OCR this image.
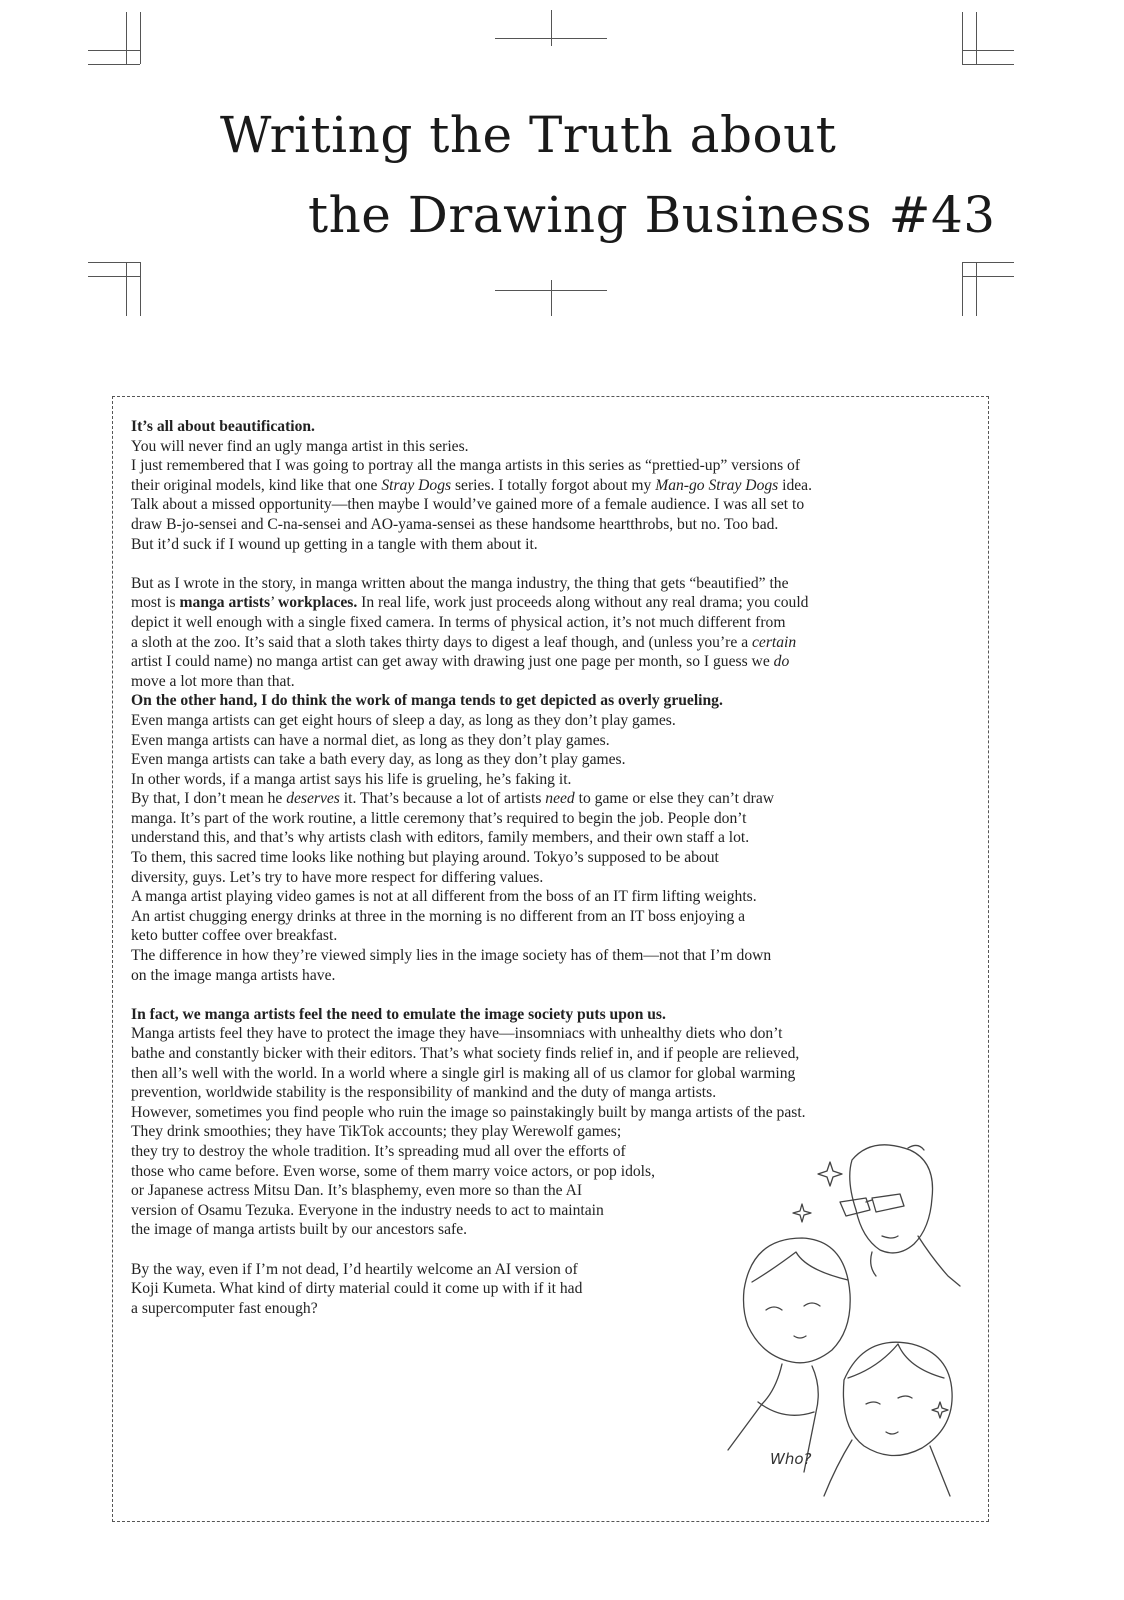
Writing the Truth about
the Drawing Business #43

It’s all about beautification.

You will never find an ugly manga artist in this series.

I just remembered that I was going to portray all the manga artists in this series as “prettied-up” versions of

their original models, kind like that one Stray Dogs series. I totally forgot about my Man-go Stray Dogs idea.

Talk about a missed opportunity—then maybe I would’ve gained more of a female audience. I was all set to

draw B-jo-sensei and C-na-sensei and AO-yama-sensei as these handsome heartthrobs, but no. Too bad.

But it’d suck if I wound up getting in a tangle with them about it.

But as I wrote in the story, in manga written about the manga industry, the thing that gets “beautified” the

most is manga artists’ workplaces. In real life, work just proceeds along without any real drama; you could

depict it well enough with a single fixed camera. In terms of physical action, it’s not much different from

a sloth at the zoo. It’s said that a sloth takes thirty days to digest a leaf though, and (unless you’re a certain

artist I could name) no manga artist can get away with drawing just one page per month, so I guess we do

move a lot more than that.

On the other hand, I do think the work of manga tends to get depicted as overly grueling.

Even manga artists can get eight hours of sleep a day, as long as they don’t play games.

Even manga artists can have a normal diet, as long as they don’t play games.

Even manga artists can take a bath every day, as long as they don’t play games.

In other words, if a manga artist says his life is grueling, he’s faking it.

By that, I don’t mean he deserves it. That’s because a lot of artists need to game or else they can’t draw

manga. It’s part of the work routine, a little ceremony that’s required to begin the job. People don’t

understand this, and that’s why artists clash with editors, family members, and their own staff a lot.

To them, this sacred time looks like nothing but playing around. Tokyo’s supposed to be about

diversity, guys. Let’s try to have more respect for differing values.

A manga artist playing video games is not at all different from the boss of an IT firm lifting weights.

An artist chugging energy drinks at three in the morning is no different from an IT boss enjoying a

keto butter coffee over breakfast.

The difference in how they’re viewed simply lies in the image society has of them—not that I’m down

on the image manga artists have.

In fact, we manga artists feel the need to emulate the image society puts upon us.

Manga artists feel they have to protect the image they have—insomniacs with unhealthy diets who don’t

bathe and constantly bicker with their editors. That’s what society finds relief in, and if people are relieved,

then all’s well with the world. In a world where a single girl is making all of us clamor for global warming

prevention, worldwide stability is the responsibility of mankind and the duty of manga artists.

However, sometimes you find people who ruin the image so painstakingly built by manga artists of the past.

They drink smoothies; they have TikTok accounts; they play Werewolf games;

they try to destroy the whole tradition. It’s spreading mud all over the efforts of

those who came before. Even worse, some of them marry voice actors, or pop idols,

or Japanese actress Mitsu Dan. It’s blasphemy, even more so than the AI

version of Osamu Tezuka. Everyone in the industry needs to act to maintain

the image of manga artists built by our ancestors safe.

By the way, even if I’m not dead, I’d heartily welcome an AI version of

Koji Kumeta. What kind of dirty material could it come up with if it had

a supercomputer fast enough?

Who?
